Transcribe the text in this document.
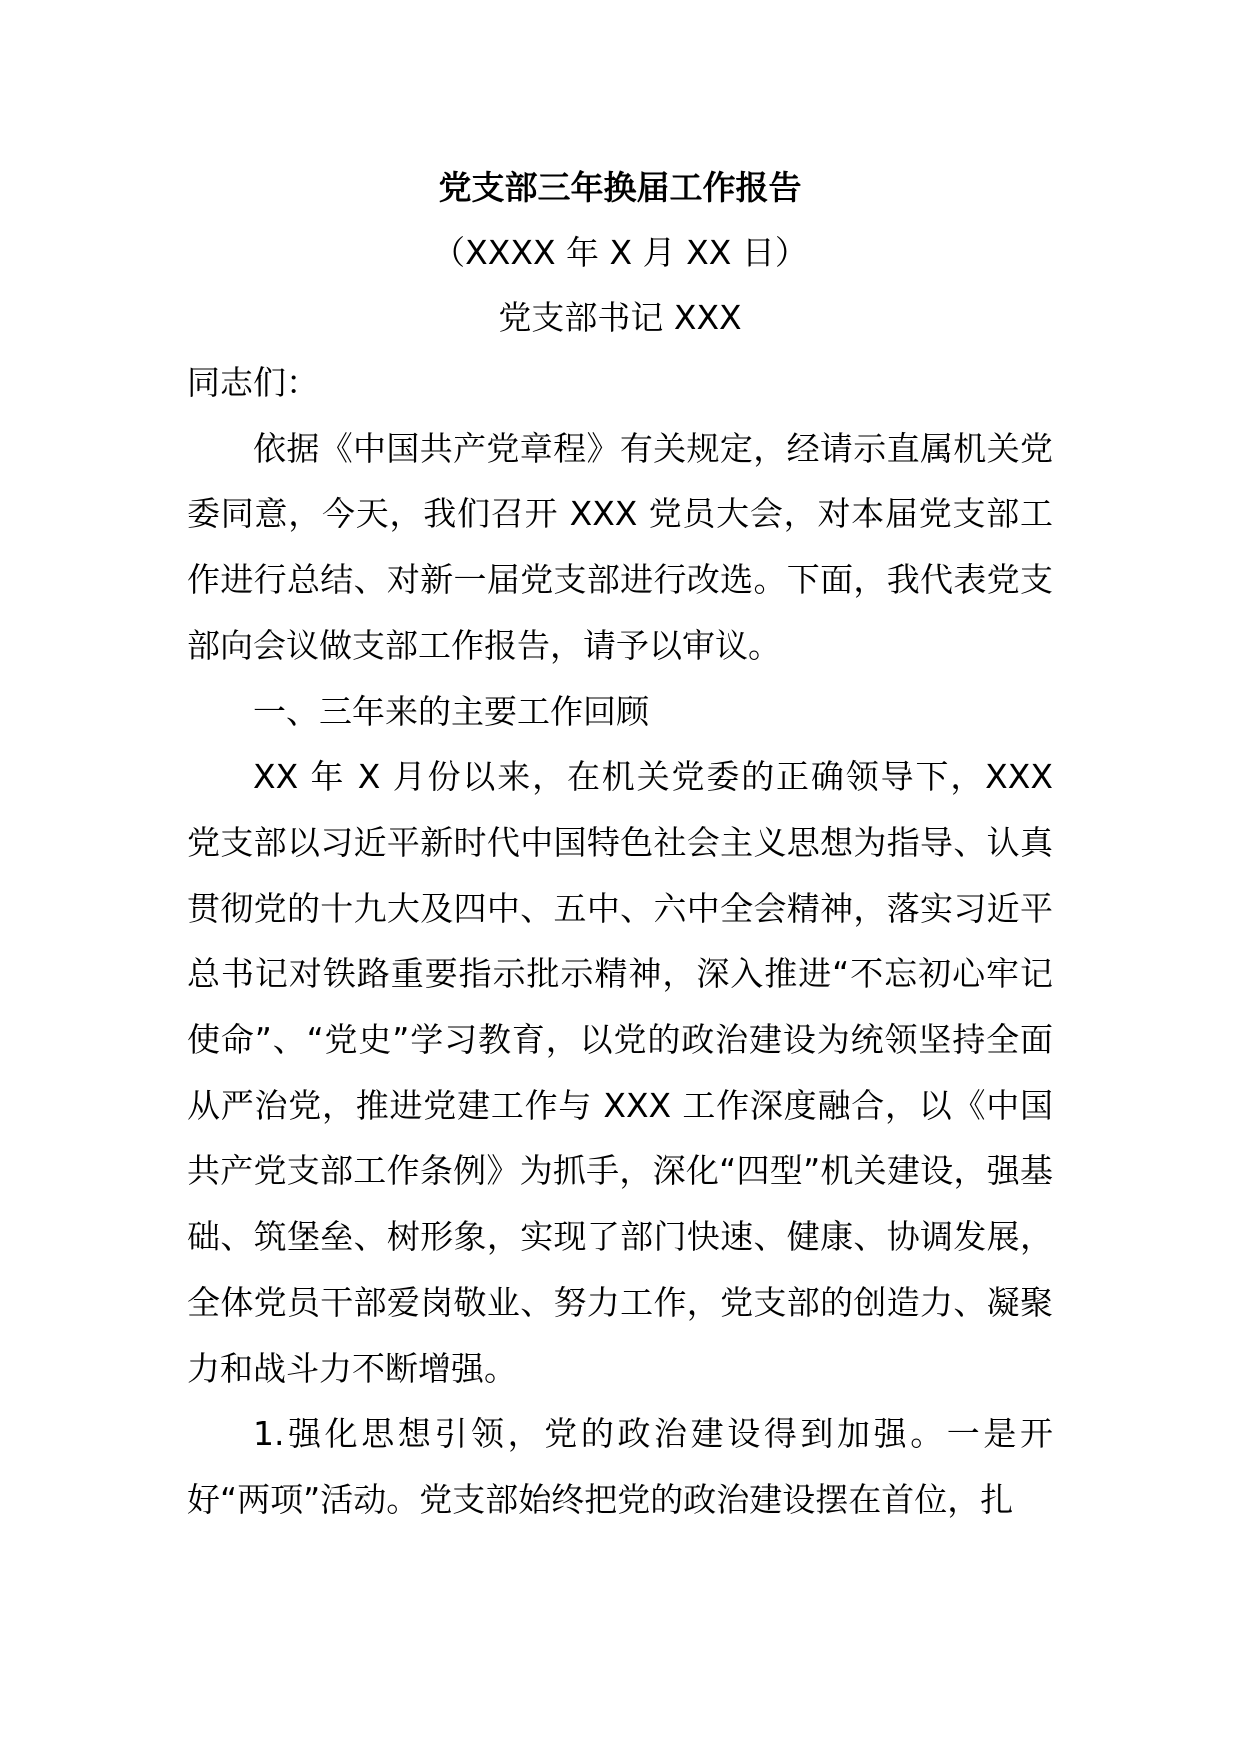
党支部三年换届工作报告
（XXXX 年 X 月 XX 日）
党支部书记 XXX

同志们：

依据《中国共产党章程》有关规定，经请示直属机关党委同意，今天，我们召开 XXX 党员大会，对本届党支部工作进行总结、对新一届党支部进行改选。下面，我代表党支部向会议做支部工作报告，请予以审议。

一、三年来的主要工作回顾

XX 年 X 月份以来，在机关党委的正确领导下，XXX 党支部以习近平新时代中国特色社会主义思想为指导、认真贯彻党的十九大及四中、五中、六中全会精神，落实习近平总书记对铁路重要指示批示精神，深入推进“不忘初心牢记使命”、“党史”学习教育，以党的政治建设为统领坚持全面从严治党，推进党建工作与 XXX 工作深度融合，以《中国共产党支部工作条例》为抓手，深化“四型”机关建设，强基础、筑堡垒、树形象，实现了部门快速、健康、协调发展，全体党员干部爱岗敬业、努力工作，党支部的创造力、凝聚力和战斗力不断增强。

1.强化思想引领，党的政治建设得到加强。一是开好“两项”活动。党支部始终把党的政治建设摆在首位，扎
